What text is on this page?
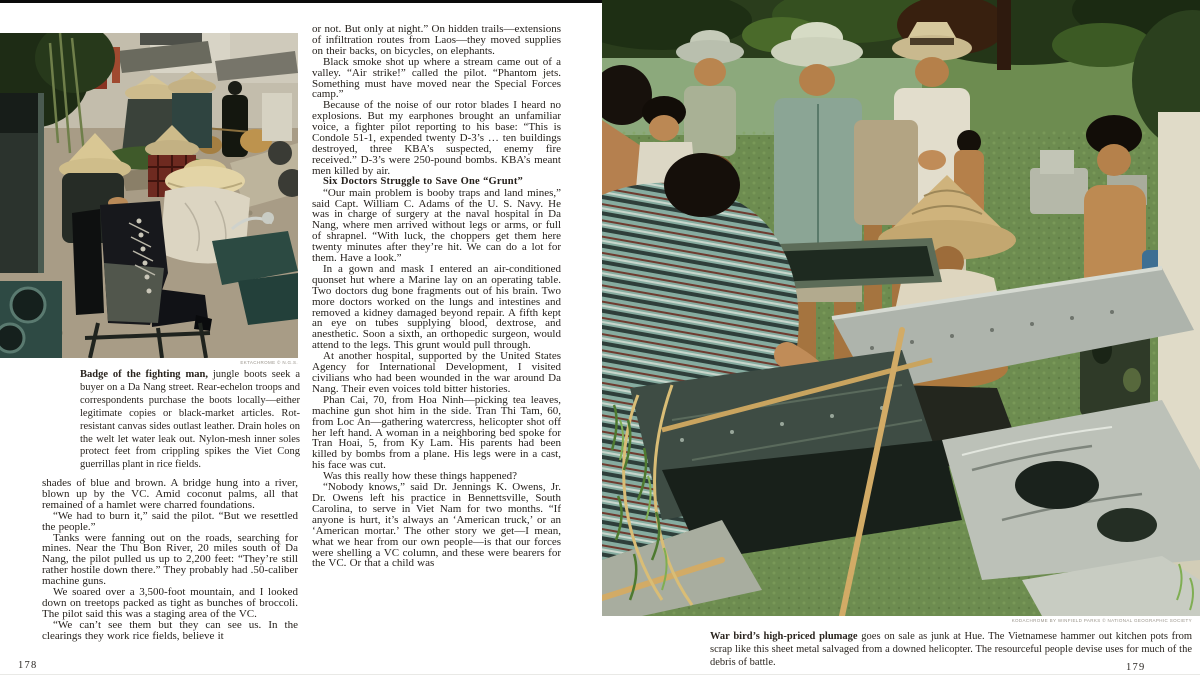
EKTACHROME © N.G.S.
Badge of the fighting man, jungle boots seek a buyer on a Da Nang street. Rear-echelon troops and correspondents purchase the boots locally—either legitimate copies or black-market articles. Rot-resistant canvas sides outlast leather. Drain holes on the welt let water leak out. Nylon-mesh inner soles protect feet from crippling spikes the Viet Cong guerrillas plant in rice fields.

shades of blue and brown. A bridge hung into a river, blown up by the VC. Amid coconut palms, all that remained of a hamlet were charred foundations.

“We had to burn it,” said the pilot. “But we resettled the people.”

Tanks were fanning out on the roads, searching for mines. Near the Thu Bon River, 20 miles south of Da Nang, the pilot pulled us up to 2,200 feet: “They’re still rather hostile down there.” They probably had .50-caliber machine guns.

We soared over a 3,500-foot mountain, and I looked down on treetops packed as tight as bunches of broccoli. The pilot said this was a staging area of the VC.

“We can’t see them but they can see us. In the clearings they work rice fields, believe it

178

or not. But only at night.” On hidden trails—extensions of infiltration routes from Laos—they moved supplies on their backs, on bicycles, on elephants.

Black smoke shot up where a stream came out of a valley. “Air strike!” called the pilot. “Phantom jets. Something must have moved near the Special Forces camp.”

Because of the noise of our rotor blades I heard no explosions. But my earphones brought an unfamiliar voice, a fighter pilot reporting to his base: “This is Condole 51-1, expended twenty D-3’s … ten buildings destroyed, three KBA’s suspected, enemy fire received.” D-3’s were 250-pound bombs. KBA’s meant men killed by air.

Six Doctors Struggle to Save One “Grunt”

“Our main problem is booby traps and land mines,” said Capt. William C. Adams of the U. S. Navy. He was in charge of surgery at the naval hospital in Da Nang, where men arrived without legs or arms, or full of shrapnel. “With luck, the choppers get them here twenty minutes after they’re hit. We can do a lot for them. Have a look.”

In a gown and mask I entered an air-conditioned quonset hut where a Marine lay on an operating table. Two doctors dug bone fragments out of his brain. Two more doctors worked on the lungs and intestines and removed a kidney damaged beyond repair. A fifth kept an eye on tubes supplying blood, dextrose, and anesthetic. Soon a sixth, an orthopedic surgeon, would attend to the legs. This grunt would pull through.

At another hospital, supported by the United States Agency for International Development, I visited civilians who had been wounded in the war around Da Nang. Their even voices told bitter histories.

Phan Cai, 70, from Hoa Ninh—picking tea leaves, machine gun shot him in the side. Tran Thi Tam, 60, from Loc An—gathering watercress, helicopter shot off her left hand. A woman in a neighboring bed spoke for Tran Hoai, 5, from Ky Lam. His parents had been killed by bombs from a plane. His legs were in a cast, his face was cut.

Was this really how these things happened?

“Nobody knows,” said Dr. Jennings K. Owens, Jr. Dr. Owens left his practice in Bennettsville, South Carolina, to serve in Viet Nam for two months. “If anyone is hurt, it’s always an ‘American truck,’ or an ‘American mortar.’ The other story we get—I mean, what we hear from our own people—is that our forces were shelling a VC column, and these were bearers for the VC. Or that a child was

KODACHROME BY WINFIELD PARKS © NATIONAL GEOGRAPHIC SOCIETY
War bird’s high-priced plumage goes on sale as junk at Hue. The Vietnamese hammer out kitchen pots from scrap like this sheet metal salvaged from a downed helicopter. The resourceful people devise uses for much of the debris of battle.	179
